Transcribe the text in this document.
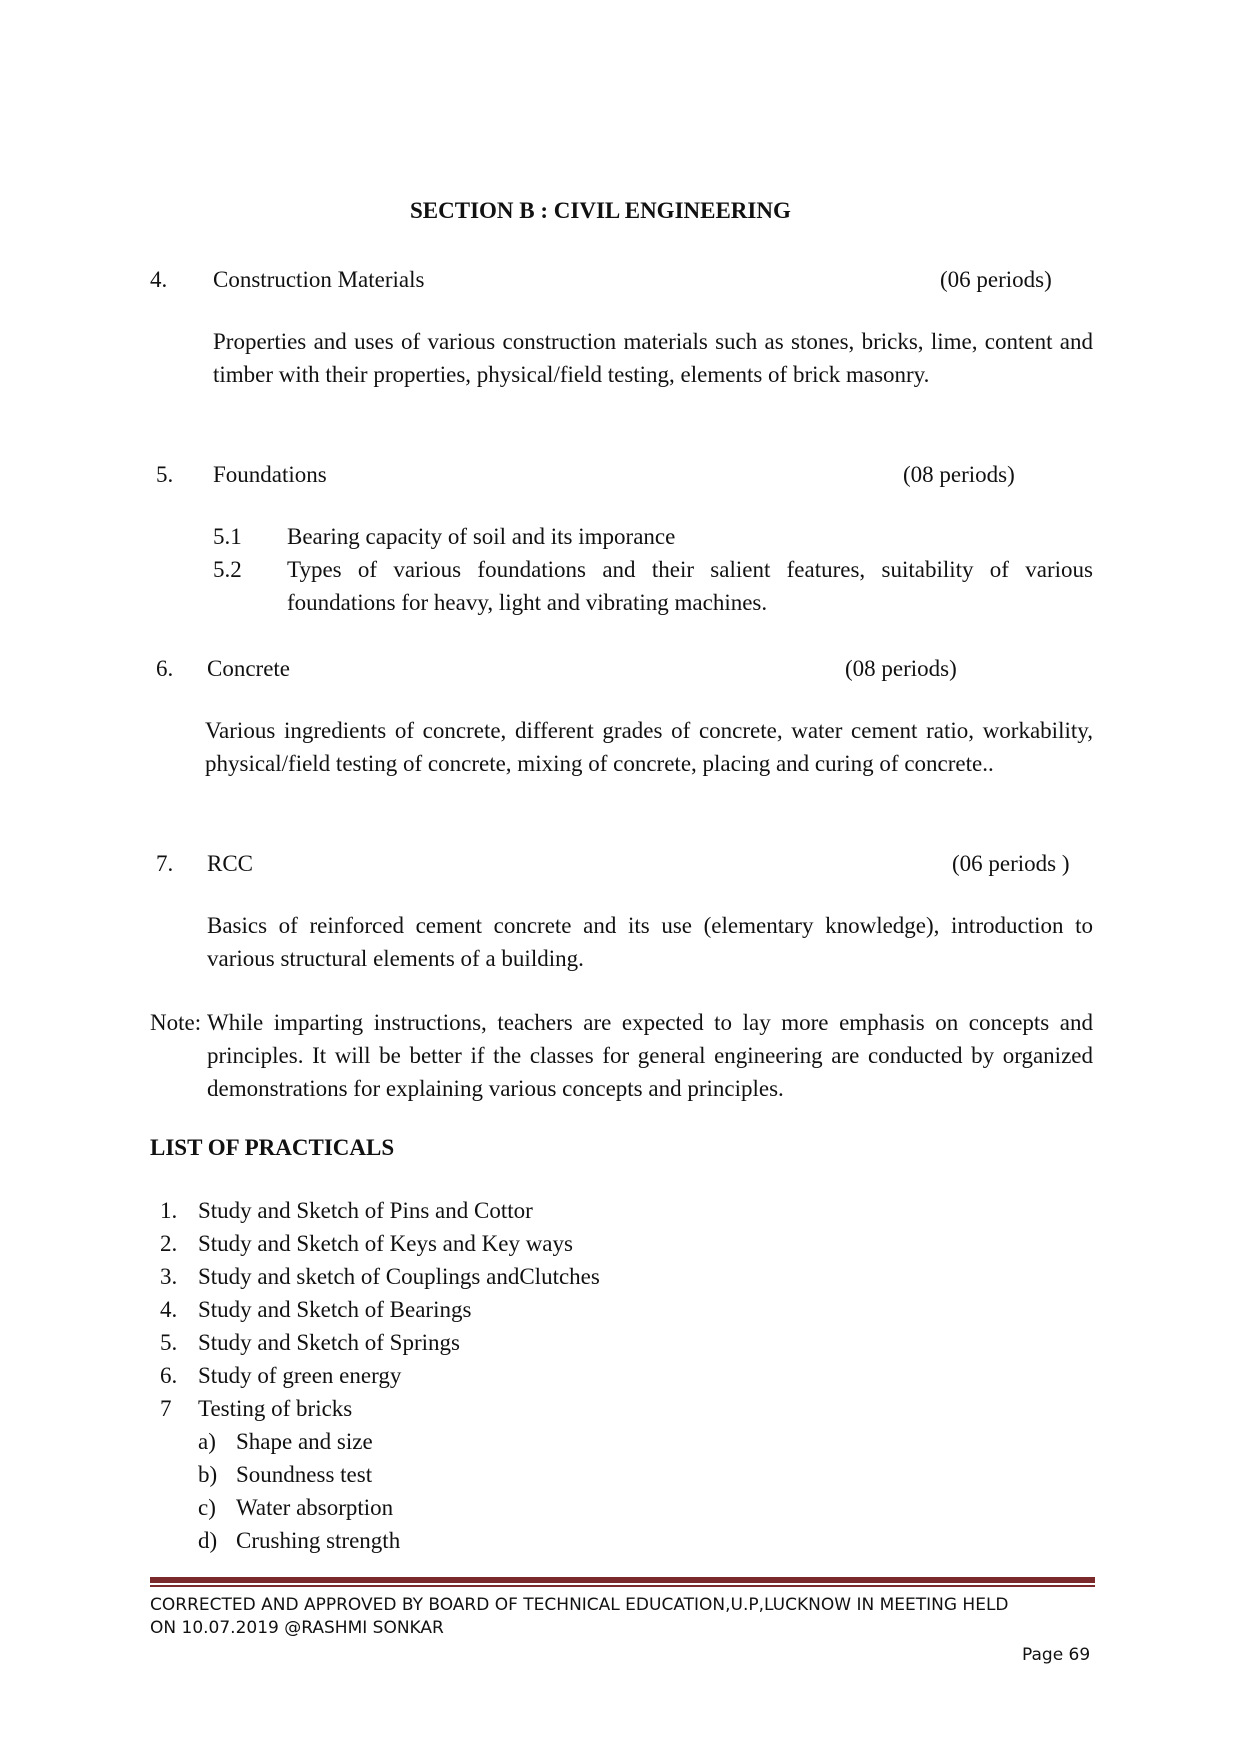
SECTION B : CIVIL ENGINEERING
4. Construction Materials	(06 periods)
Properties and uses of various construction materials such as stones, bricks, lime, content and timber with their properties, physical/field testing, elements of brick masonry.
5. Foundations	(08 periods)
5.1 Bearing capacity of soil and its imporance
5.2 Types of various foundations and their salient features, suitability of various foundations for heavy, light and vibrating machines.
6. Concrete	(08 periods)
Various ingredients of concrete, different grades of concrete, water cement ratio, workability, physical/field testing of concrete, mixing of concrete, placing and curing of concrete..
7. RCC	(06 periods )
Basics of reinforced cement concrete and its use (elementary knowledge), introduction to various structural elements of a building.
Note: While imparting instructions, teachers are expected to lay more emphasis on concepts and principles. It will be better if the classes for general engineering are conducted by organized demonstrations for explaining various concepts and principles.
LIST OF PRACTICALS
1. Study and Sketch of Pins and Cottor
2. Study and Sketch of Keys and Key ways
3. Study and sketch of Couplings andClutches
4. Study and Sketch of Bearings
5. Study and Sketch of Springs
6. Study of green energy
7 Testing of bricks
a) Shape and size
b) Soundness test
c) Water absorption
d) Crushing strength
CORRECTED AND APPROVED BY BOARD OF TECHNICAL EDUCATION,U.P,LUCKNOW IN MEETING HELD
ON 10.07.2019 @RASHMI SONKAR
Page 69
